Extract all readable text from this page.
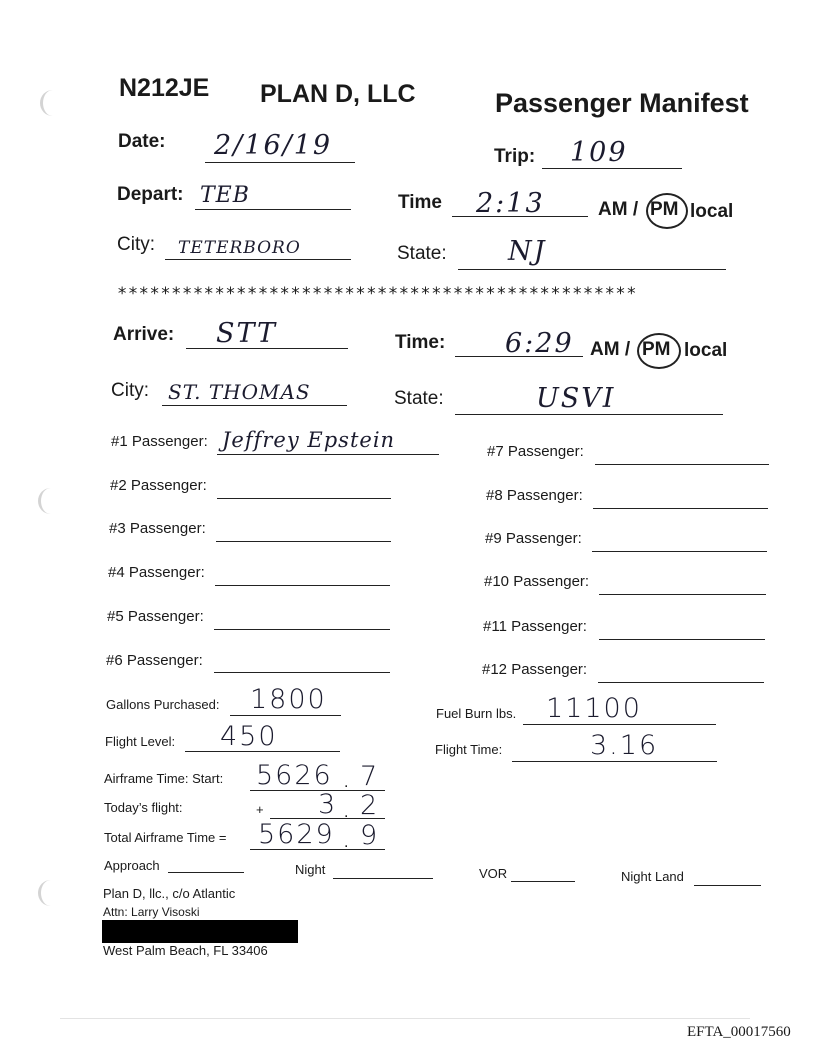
N212JE PLAN D, LLC	Passenger Manifest
Date: 2/16/19	Trip: 109
Depart: TEB	Time 2:13	AM / PM local
City: TETERBORO	State: NJ
************************************************
Arrive: STT	Time: 6:29 AM / PM local
City: ST. THOMAS	State:	USVI
#1 Passenger: Jeffrey Epstein
#2 Passenger:
#3 Passenger:
#4 Passenger:
#5 Passenger:
#6 Passenger:
#7 Passenger:
#8 Passenger:
#9 Passenger:
#10 Passenger:
#11 Passenger:
#12 Passenger:
Gallons Purchased: 1800	Fuel Burn lbs. 11100
Flight Level: 450	Flight Time:	3.16
Airframe Time: Start: 5626 . 7
Today’s flight:	+ 3 . 2
Total Airframe Time = 5629 . 9
Approach	Night	VOR	Night Land
Plan D, llc., c/o Atlantic
Attn: Larry Visoski
West Palm Beach, FL 33406
EFTA_00017560
